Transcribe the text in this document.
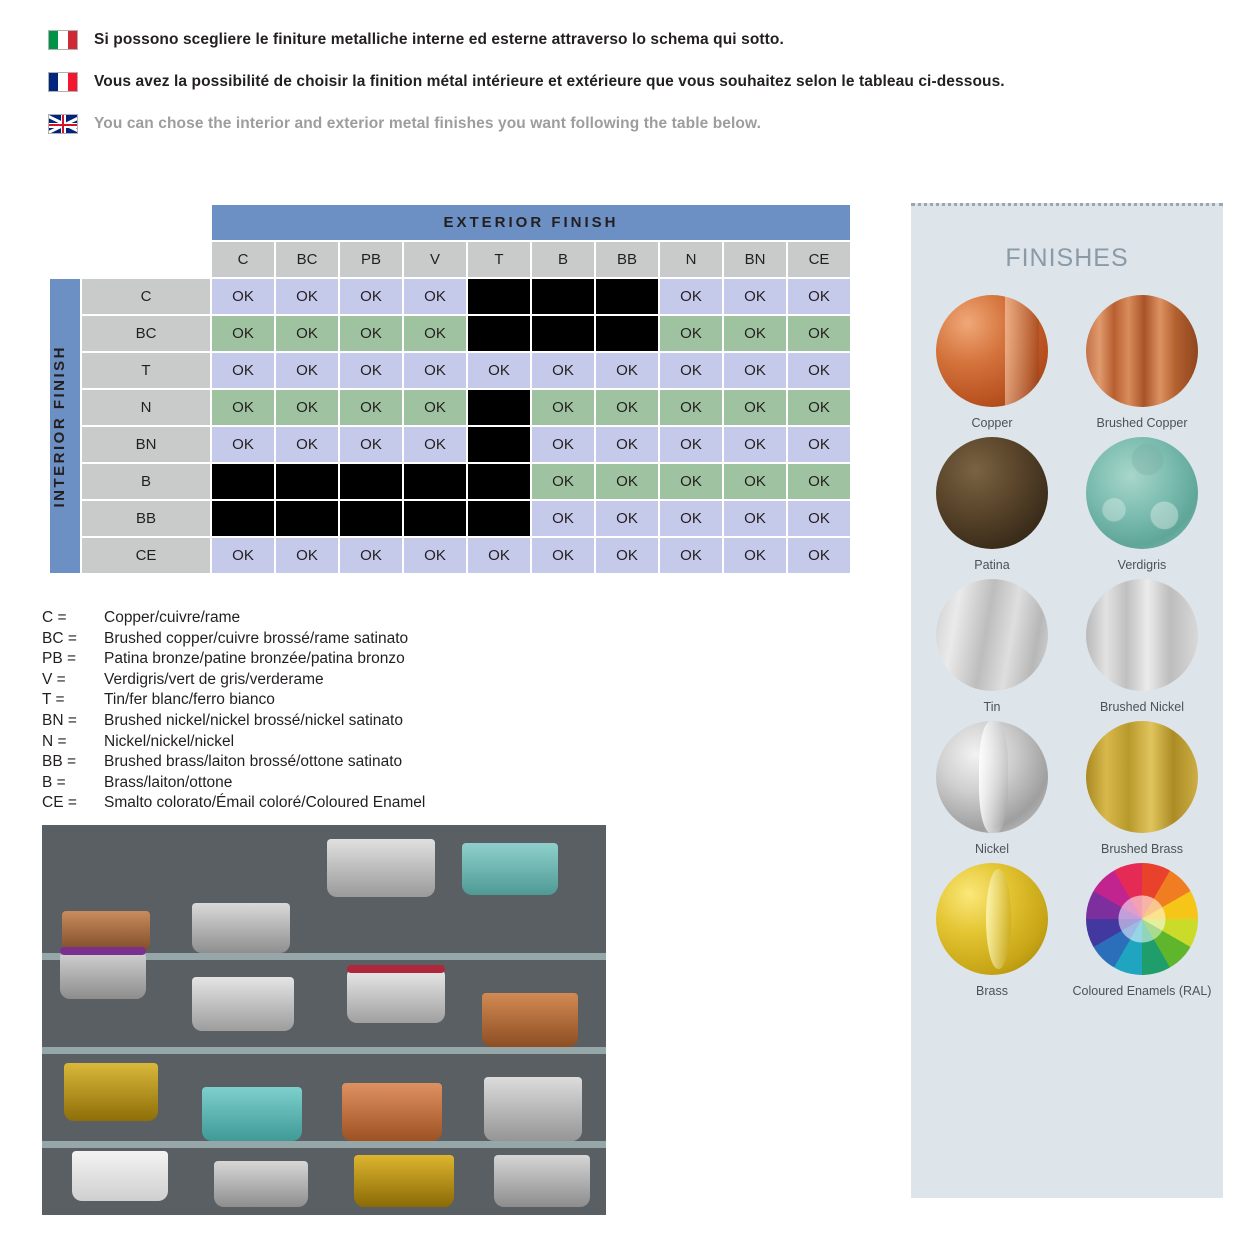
Si possono scegliere le finiture metalliche interne ed esterne attraverso lo schema qui sotto.
Vous avez la possibilité de choisir la finition métal intérieure et extérieure que vous souhaitez selon le tableau ci-dessous.
You can chose the interior and exterior metal finishes you want following the table below.
		EXTERIOR FINISH									
		C	BC	PB	V	T	B	BB	N	BN	CE

INTERIOR FINISH	C	OK	OK	OK	OK				OK	OK	OK
	BC	OK	OK	OK	OK				OK	OK	OK
	T	OK	OK	OK	OK	OK	OK	OK	OK	OK	OK
	N	OK	OK	OK	OK		OK	OK	OK	OK	OK
	BN	OK	OK	OK	OK		OK	OK	OK	OK	OK
	B						OK	OK	OK	OK	OK
	BB						OK	OK	OK	OK	OK
	CE	OK	OK	OK	OK	OK	OK	OK	OK	OK	OK
C =	Copper/cuivre/rame
BC =	Brushed copper/cuivre brossé/rame satinato
PB =	Patina bronze/patine bronzée/patina bronzo
V =	Verdigris/vert de gris/verderame
T =	Tin/fer blanc/ferro bianco
BN =	Brushed nickel/nickel brossé/nickel satinato
N =	Nickel/nickel/nickel
BB =	Brushed brass/laiton brossé/ottone satinato
B =	Brass/laiton/ottone
CE =	Smalto colorato/Émail coloré/Coloured Enamel
FINISHES
Copper	Brushed Copper
Patina	Verdigris
Tin	Brushed Nickel
Nickel	Brushed Brass
Brass	Coloured Enamels (RAL)
